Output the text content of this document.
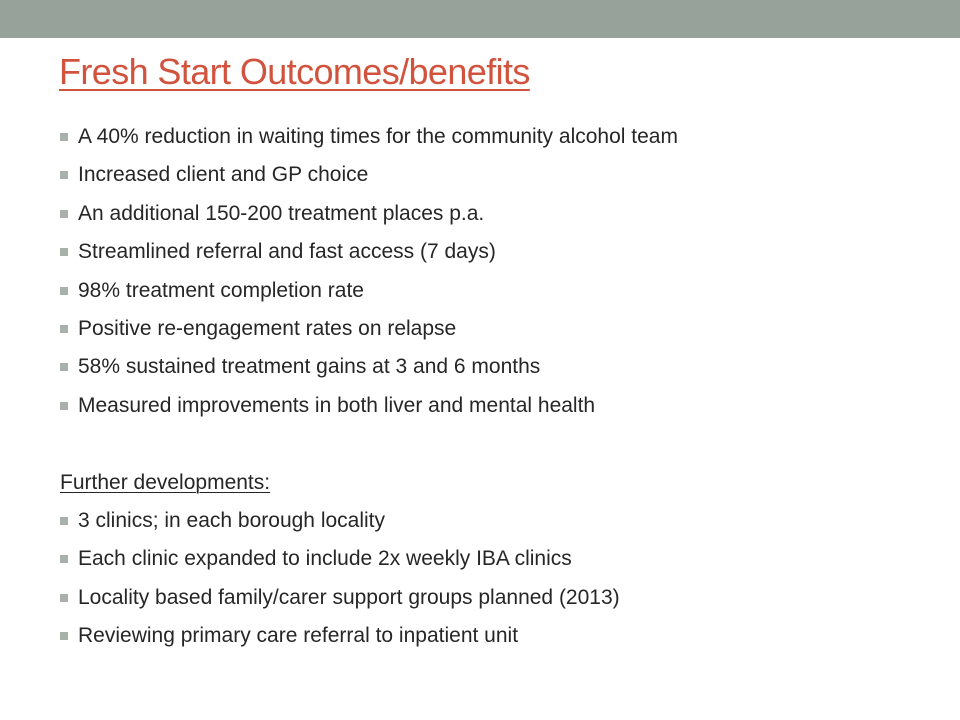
Fresh Start Outcomes/benefits
A 40% reduction in waiting times for the community alcohol team
Increased client and GP choice
An additional 150-200 treatment places p.a.
Streamlined referral and fast access (7 days)
98% treatment completion rate
Positive re-engagement rates on relapse
58% sustained treatment gains at 3 and 6 months
Measured improvements in both liver and mental health
Further developments:
3 clinics; in each borough locality
Each clinic expanded to include 2x weekly IBA clinics
Locality based family/carer support groups planned (2013)
Reviewing primary care referral to inpatient unit
